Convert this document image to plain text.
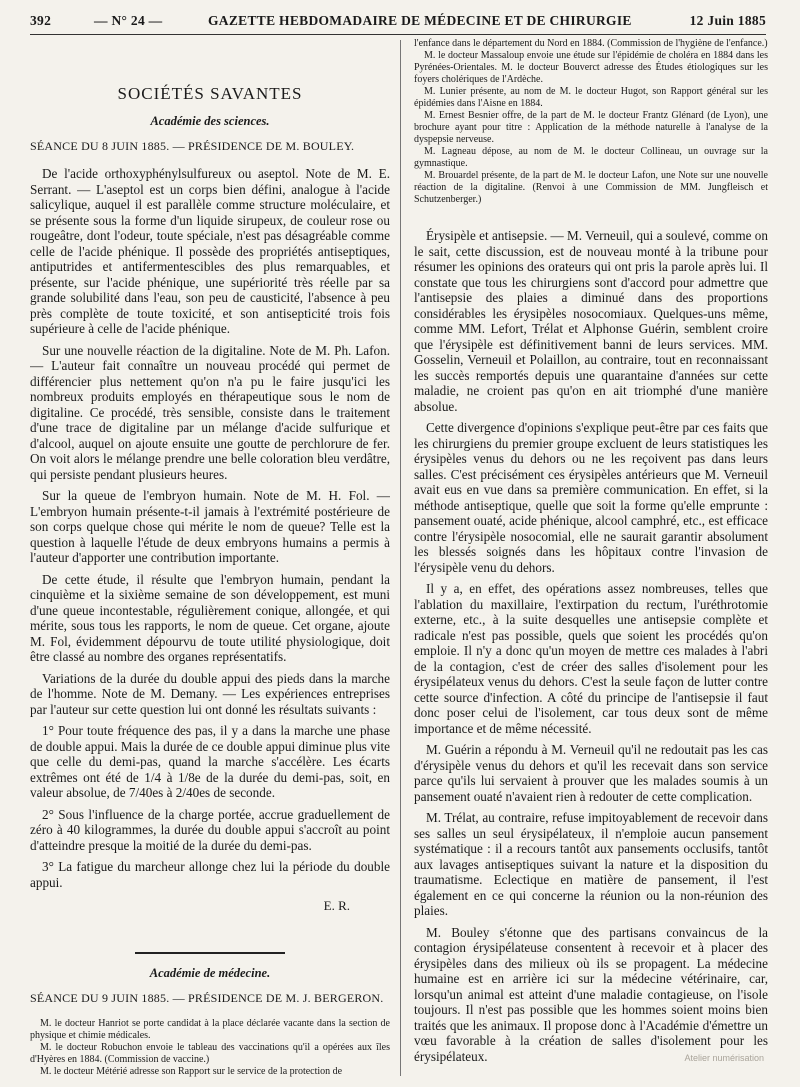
392	— N° 24 —	GAZETTE HEBDOMADAIRE DE MÉDECINE ET DE CHIRURGIE	12 Juin 1885
SOCIÉTÉS SAVANTES
Académie des sciences.
SÉANCE DU 8 JUIN 1885. — PRÉSIDENCE DE M. BOULEY.

De l'acide orthoxyphénylsulfureux ou aseptol. Note de M. E. Serrant. — L'aseptol est un corps bien défini, analogue à l'acide salicylique, auquel il est parallèle comme structure moléculaire, et se présente sous la forme d'un liquide sirupeux, de couleur rose ou rougeâtre, dont l'odeur, toute spéciale, n'est pas désagréable comme celle de l'acide phénique. Il possède des propriétés antiseptiques, antiputrides et antifermentescibles des plus remarquables, et présente, sur l'acide phénique, une supériorité très réelle par sa grande solubilité dans l'eau, son peu de causticité, l'absence à peu près complète de toute toxicité, et son antisepticité trois fois supérieure à celle de l'acide phénique.

Sur une nouvelle réaction de la digitaline. Note de M. Ph. Lafon. — L'auteur fait connaître un nouveau procédé qui permet de différencier plus nettement qu'on n'a pu le faire jusqu'ici les nombreux produits employés en thérapeutique sous le nom de digitaline. Ce procédé, très sensible, consiste dans le traitement d'une trace de digitaline par un mélange d'acide sulfurique et d'alcool, auquel on ajoute ensuite une goutte de perchlorure de fer. On voit alors le mélange prendre une belle coloration bleu verdâtre, qui persiste pendant plusieurs heures.

Sur la queue de l'embryon humain. Note de M. H. Fol. — L'embryon humain présente-t-il jamais à l'extrémité postérieure de son corps quelque chose qui mérite le nom de queue? Telle est la question à laquelle l'étude de deux embryons humains a permis à l'auteur d'apporter une contribution importante.

De cette étude, il résulte que l'embryon humain, pendant la cinquième et la sixième semaine de son développement, est muni d'une queue incontestable, régulièrement conique, allongée, et qui mérite, sous tous les rapports, le nom de queue. Cet organe, ajoute M. Fol, évidemment dépourvu de toute utilité physiologique, doit être classé au nombre des organes représentatifs.

Variations de la durée du double appui des pieds dans la marche de l'homme. Note de M. Demany. — Les expériences entreprises par l'auteur sur cette question lui ont donné les résultats suivants :

1° Pour toute fréquence des pas, il y a dans la marche une phase de double appui. Mais la durée de ce double appui diminue plus vite que celle du demi-pas, quand la marche s'accélère. Les écarts extrêmes ont été de 1/4 à 1/8e de la durée du demi-pas, soit, en valeur absolue, de 7/40es à 2/40es de seconde.

2° Sous l'influence de la charge portée, accrue graduellement de zéro à 40 kilogrammes, la durée du double appui s'accroît au point d'atteindre presque la moitié de la durée du demi-pas.

3° La fatigue du marcheur allonge chez lui la période du double appui.

E. R.
Académie de médecine.
SÉANCE DU 9 JUIN 1885. — PRÉSIDENCE DE M. J. BERGERON.

M. le docteur Hanriot se porte candidat à la place déclarée vacante dans la section de physique et chimie médicales.

M. le docteur Robuchon envoie le tableau des vaccinations qu'il a opérées aux îles d'Hyères en 1884. (Commission de vaccine.)

M. le docteur Métérié adresse son Rapport sur le service de la protection de

l'enfance dans le département du Nord en 1884. (Commission de l'hygiène de l'enfance.)

M. le docteur Massaloup envoie une étude sur l'épidémie de choléra en 1884 dans les Pyrénées-Orientales. M. le docteur Bouverct adresse des Études étiologiques sur les foyers cholériques de l'Ardèche.

M. Lunier présente, au nom de M. le docteur Hugot, son Rapport général sur les épidémies dans l'Aisne en 1884.

M. Ernest Besnier offre, de la part de M. le docteur Frantz Glénard (de Lyon), une brochure ayant pour titre : Application de la méthode naturelle à l'analyse de la dyspepsie nerveuse.

M. Lagneau dépose, au nom de M. le docteur Collineau, un ouvrage sur la gymnastique.

M. Brouardel présente, de la part de M. le docteur Lafon, une Note sur une nouvelle réaction de la digitaline. (Renvoi à une Commission de MM. Jungfleisch et Schutzenberger.)

Érysipèle et antisepsie. — M. Verneuil, qui a soulevé, comme on le sait, cette discussion, est de nouveau monté à la tribune pour résumer les opinions des orateurs qui ont pris la parole après lui. Il constate que tous les chirurgiens sont d'accord pour admettre que l'antisepsie des plaies a diminué dans des proportions considérables les érysipèles nosocomiaux. Quelques-uns même, comme MM. Lefort, Trélat et Alphonse Guérin, semblent croire que l'érysipèle est définitivement banni de leurs services. MM. Gosselin, Verneuil et Polaillon, au contraire, tout en reconnaissant les succès remportés depuis une quarantaine d'années sur cette maladie, ne croient pas qu'on en ait triomphé d'une manière absolue.

Cette divergence d'opinions s'explique peut-être par ces faits que les chirurgiens du premier groupe excluent de leurs statistiques les érysipèles venus du dehors ou ne les reçoivent pas dans leurs salles. C'est précisément ces érysipèles antérieurs que M. Verneuil avait eus en vue dans sa première communication. En effet, si la méthode antiseptique, quelle que soit la forme qu'elle emprunte : pansement ouaté, acide phénique, alcool camphré, etc., est efficace contre l'érysipèle nosocomial, elle ne saurait garantir absolument les blessés soignés dans les hôpitaux contre l'invasion de l'érysipèle venu du dehors.

Il y a, en effet, des opérations assez nombreuses, telles que l'ablation du maxillaire, l'extirpation du rectum, l'uréthrotomie externe, etc., à la suite desquelles une antisepsie complète et radicale n'est pas possible, quels que soient les procédés qu'on emploie. Il n'y a donc qu'un moyen de mettre ces malades à l'abri de la contagion, c'est de créer des salles d'isolement pour les érysipélateux venus du dehors. C'est la seule façon de lutter contre cette source d'infection. A côté du principe de l'antisepsie il faut donc poser celui de l'isolement, car tous deux sont de même importance et de même nécessité.

M. Guérin a répondu à M. Verneuil qu'il ne redoutait pas les cas d'érysipèle venus du dehors et qu'il les recevait dans son service parce qu'ils lui servaient à prouver que les malades soumis à un pansement ouaté n'avaient rien à redouter de cette complication.

M. Trélat, au contraire, refuse impitoyablement de recevoir dans ses salles un seul érysipélateux, il n'emploie aucun pansement systématique : il a recours tantôt aux pansements occlusifs, tantôt aux lavages antiseptiques suivant la nature et la disposition du traumatisme. Eclectique en matière de pansement, il l'est également en ce qui concerne la réunion ou la non-réunion des plaies.

M. Bouley s'étonne que des partisans convaincus de la contagion érysipélateuse consentent à recevoir et à placer des érysipèles dans des milieux où ils se propagent. La médecine humaine est en arrière ici sur la médecine vétérinaire, car, lorsqu'un animal est atteint d'une maladie contagieuse, on l'isole toujours. Il n'est pas possible que les hommes soient moins bien traités que les animaux. Il propose donc à l'Académie d'émettre un vœu favorable à la création de salles d'isolement pour les érysipélateux.	Atelier numérisation
